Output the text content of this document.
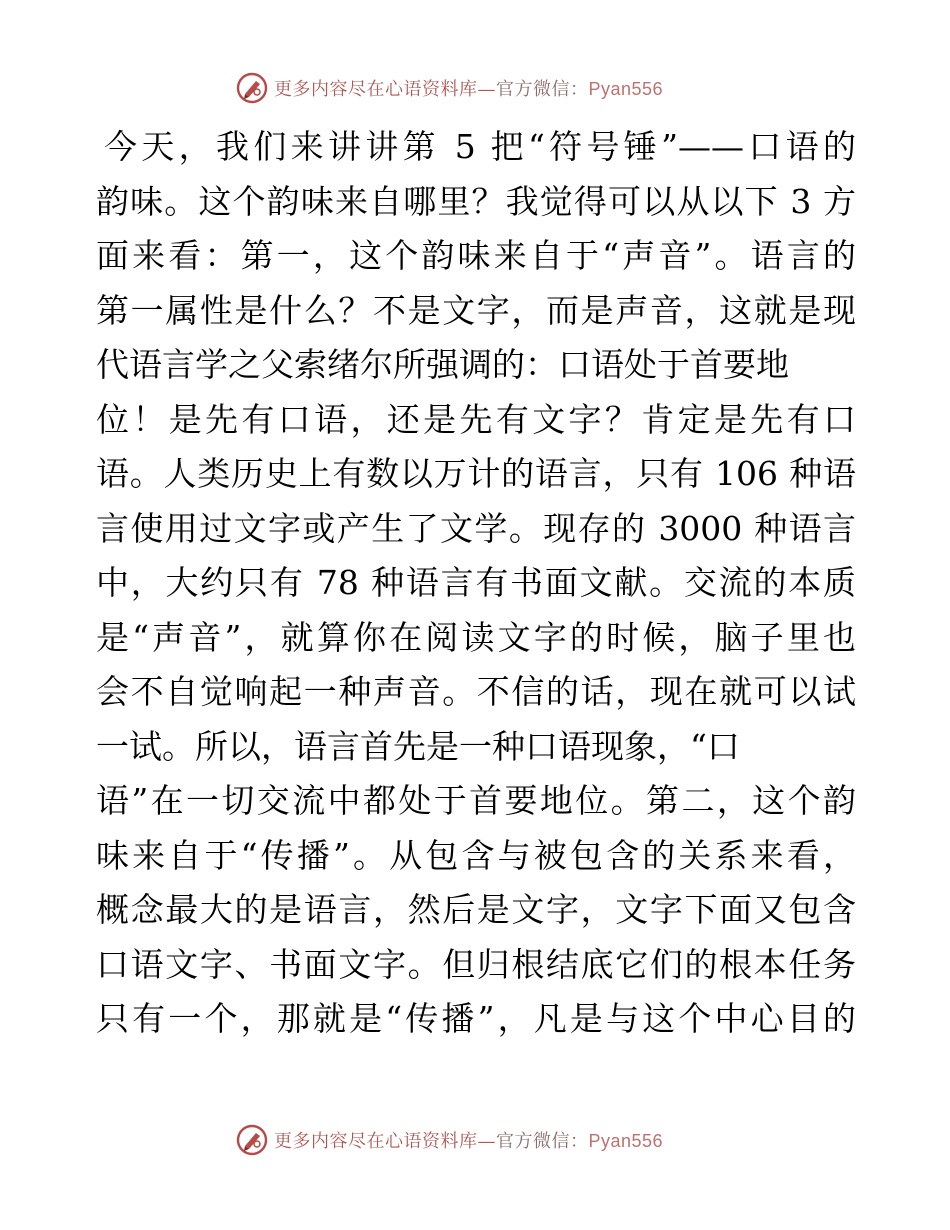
更多内容尽在心语资料库—官方微信：Pyan556
今天，我们来讲讲第 5 把“符号锤”——口语的
韵味。这个韵味来自哪里？我觉得可以从以下 3 方
面来看：第一，这个韵味来自于“声音”。语言的
第一属性是什么？不是文字，而是声音，这就是现
代语言学之父索绪尔所强调的：口语处于首要地
位！是先有口语，还是先有文字？肯定是先有口
语。人类历史上有数以万计的语言，只有 106 种语
言使用过文字或产生了文学。现存的 3000 种语言
中，大约只有 78 种语言有书面文献。交流的本质
是“声音”，就算你在阅读文字的时候，脑子里也
会不自觉响起一种声音。不信的话，现在就可以试
一试。所以，语言首先是一种口语现象，“口
语”在一切交流中都处于首要地位。第二，这个韵
味来自于“传播”。从包含与被包含的关系来看，
概念最大的是语言，然后是文字，文字下面又包含
口语文字、书面文字。但归根结底它们的根本任务
只有一个，那就是“传播”，凡是与这个中心目的
更多内容尽在心语资料库—官方微信：Pyan556
